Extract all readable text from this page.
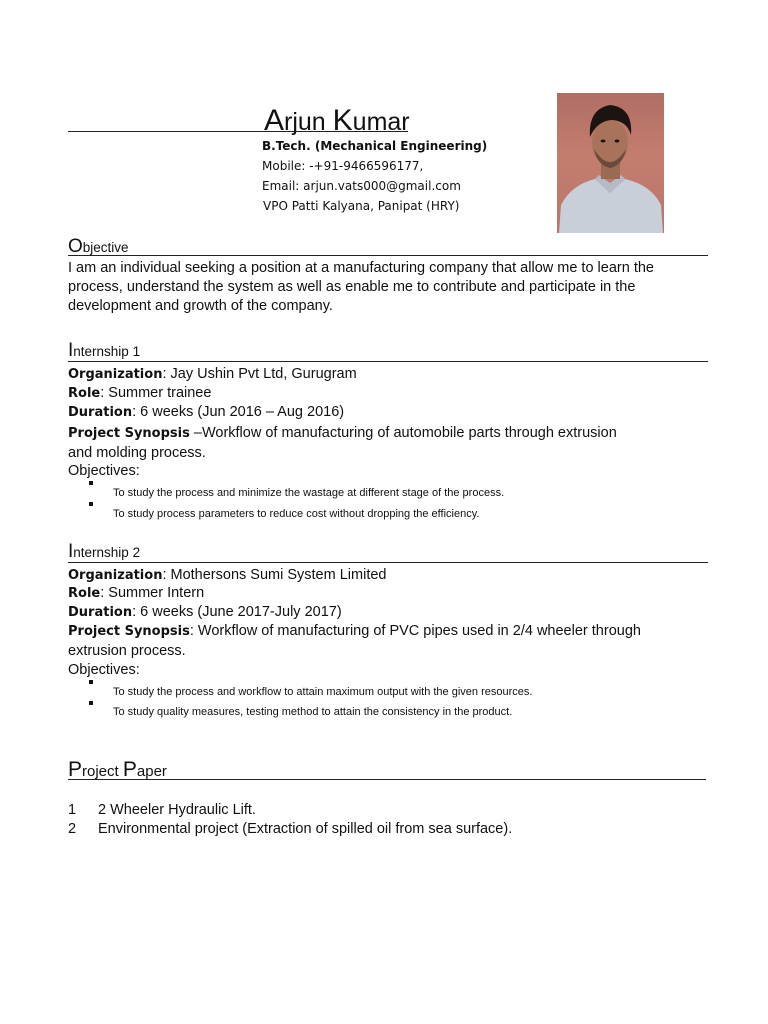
Arjun Kumar
B.Tech. (Mechanical Engineering)
Mobile: -+91-9466596177,
Email: arjun.vats000@gmail.com
VPO Patti Kalyana, Panipat (HRY)
Objective
I am an individual seeking a position at a manufacturing company that allow me to learn the process, understand the system as well as enable me to contribute and participate in the development and growth of the company.
Internship 1
Organization: Jay Ushin Pvt Ltd, Gurugram
Role: Summer trainee
Duration: 6 weeks (Jun 2016 – Aug 2016)
Project Synopsis –Workflow of manufacturing of automobile parts through extrusion
and molding process.
Objectives:
To study the process and minimize the wastage at different stage of the process.
To study process parameters to reduce cost without dropping the efficiency.
Internship 2
Organization: Mothersons Sumi System Limited
Role: Summer Intern
Duration: 6 weeks (June 2017-July 2017)
Project Synopsis: Workflow of manufacturing of PVC pipes used in 2/4 wheeler through
extrusion process.
Objectives:
To study the process and workflow to attain maximum output with the given resources.
To study quality measures, testing method to attain the consistency in the product.
Project Paper
1 2 Wheeler Hydraulic Lift.
2 Environmental project (Extraction of spilled oil from sea surface).
